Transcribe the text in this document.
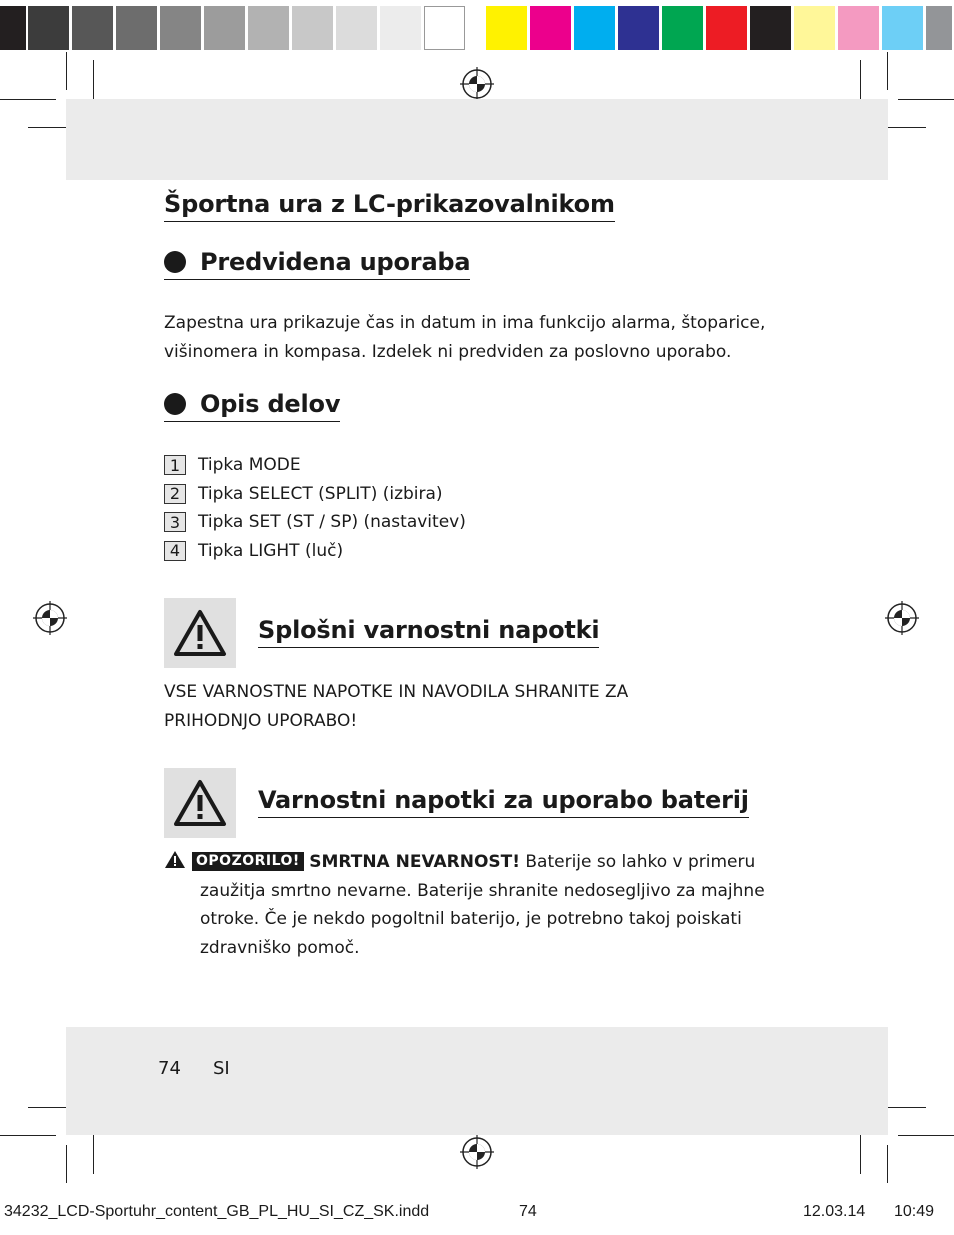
Športna ura z LC-prikazovalnikom
Predvidena uporaba
Zapestna ura prikazuje čas in datum in ima funkcijo alarma, štoparice,
višinomera in kompasa. Izdelek ni predviden za poslovno uporabo.
Opis delov
1	Tipka MODE
2	Tipka SELECT (SPLIT) (izbira)
3	Tipka SET (ST / SP) (nastavitev)
4	Tipka LIGHT (luč)
Splošni varnostni napotki
VSE VARNOSTNE NAPOTKE IN NAVODILA SHRANITE ZA
PRIHODNJO UPORABO!
Varnostni napotki za uporabo baterij
OPOZORILO! SMRTNA NEVARNOST! Baterije so lahko v primeru
zaužitja smrtno nevarne. Baterije shranite nedosegljivo za majhne
otroke. Če je nekdo pogoltnil baterijo, je potrebno takoj poiskati
zdravniško pomoč.
74 SI
34232_LCD-Sportuhr_content_GB_PL_HU_SI_CZ_SK.indd	74	12.03.14 10:49
